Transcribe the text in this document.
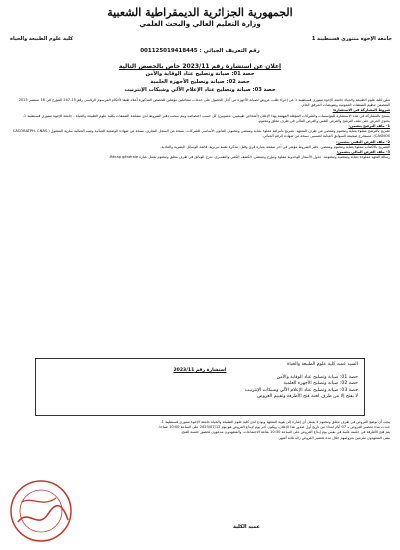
الجمهورية الجزائرية الديمقراطية الشعبية
وزارة التعليم العالي والبحث العلمي
جامعة الإخوة منتوري قسنطينة 1
كلية علوم الطبيعة والحياة
رقم التعريف الجبائي : 001125019418445
إعلان عن استشارة رقم 2023/11 خاص بالحصص التالية
حصة 01: صيانة وتصليح عتاد الوقاية والأمن
حصة 02: صيانة وتصليح الأجهزة العلمية
حصة 03: صيانة وتصليح عتاد الإعلام الآلي وشبكات الإنترنيت

تعلن كلية علوم الطبيعة والحياة جامعة الإخوة منتوري قسنطينة 1 عن إجراء طلب عروض لصيانة الأجهزة من أجل الحصول على خدمات متعاملين مؤهلين للحصص المذكورة أعلاه طبقا لأحكام المرسوم الرئاسي رقم 15-247 المؤرخ في 16 سبتمبر 2015 المتضمن تنظيم الصفقات العمومية وتفويضات المرفق العام.

شروط المشاركة في الاستشارة:

يسمح بالمشاركة في هذه الاستشارة للمؤسسات والشركات المؤهلة المهتمة بهذا الإعلان (أشخاص طبيعيين، معنويين) كل حسب اختصاصه ويتم سحب دفتر الشروط لدى مصلحة الصفقات بكلية علوم الطبيعة والحياة - جامعة الإخوة منتوري قسنطينة 1.

يحتوي العرض على ملف الترشح والعرض التقني والعرض المالي في ظرف مغلق ومختوم.

1- ملف الترشح يتضمن:

تصريح بالترشح مملوء بعناية ومختوم وممضي من طرف المتعهد. تصريح بالنزاهة مملوء بعناية وممضي ومختوم. القانون الأساسي للشركات. نسخة من السجل التجاري. نسخة من شهادة الوضعية الجبائية وشبه الجبائية سارية المفعول (CACOBATPH، CNAS، CASNOS). مستخرج صحيفة السوابق العدلية للمسير. نسخة من شهادة الرقم الجبائي.

2- ملف العرض التقني يتضمن:

التصريح بالاكتتاب مملوء بعناية ومختوم وممضي. دفتر الشروط مؤشر في آخر صفحة بعبارة قرئ وقبل. مذكرة تقنية تبريرية. قائمة الوسائل البشرية والمادية.

3- ملف العرض المالي يتضمن:

رسالة التعهد مملوءة بعناية وممضية ومختومة. جدول الأسعار الوحدوية مملوء ومؤرخ وممضي. الكشف الكمي والتقديري. تدرج الوثائق في ظرف مغلق ومختوم تحمل عبارة Récap générale.

السيد عميد كلية علوم الطبيعة والحياة
استشارة رقم 2023/11
حصة 01: صيانة وتصليح عتاد الوقاية والأمن
حصة 02: صيانة وتصليح الأجهزة العلمية
حصة 03: صيانة وتصليح عتاد الإعلام الآلي وشبكات الإنترنيت
لا يفتح إلا من طرف لجنة فتح الأظرفة وتقييم العروض

يجب أن توضع العروض في ظرف مغلق ومختوم لا يحمل أي إشارة إلى هوية المتعهد ويودع لدى كلية علوم الطبيعة والحياة جامعة الإخوة منتوري قسنطينة 1.

حددت مدة تحضير العروض بـ 07 أيام ابتداء من تاريخ أول صدور هذا الإعلان، ويكون آخر يوم لإيداع العروض هو يوم 2023/07/12 على الساعة 10:00 صباحا.

يتم فتح الأظرفة في جلسة علنية في نفس يوم إيداع العروض على الساعة 10:30 بقاعة الاجتماعات، والمتعهدون مدعوون لحضور جلسة الفتح.

يبقى المتعهدون ملزمين بعروضهم خلال مدة تحضير العروض زائد ثلاثة أشهر.

عميد الكلية
